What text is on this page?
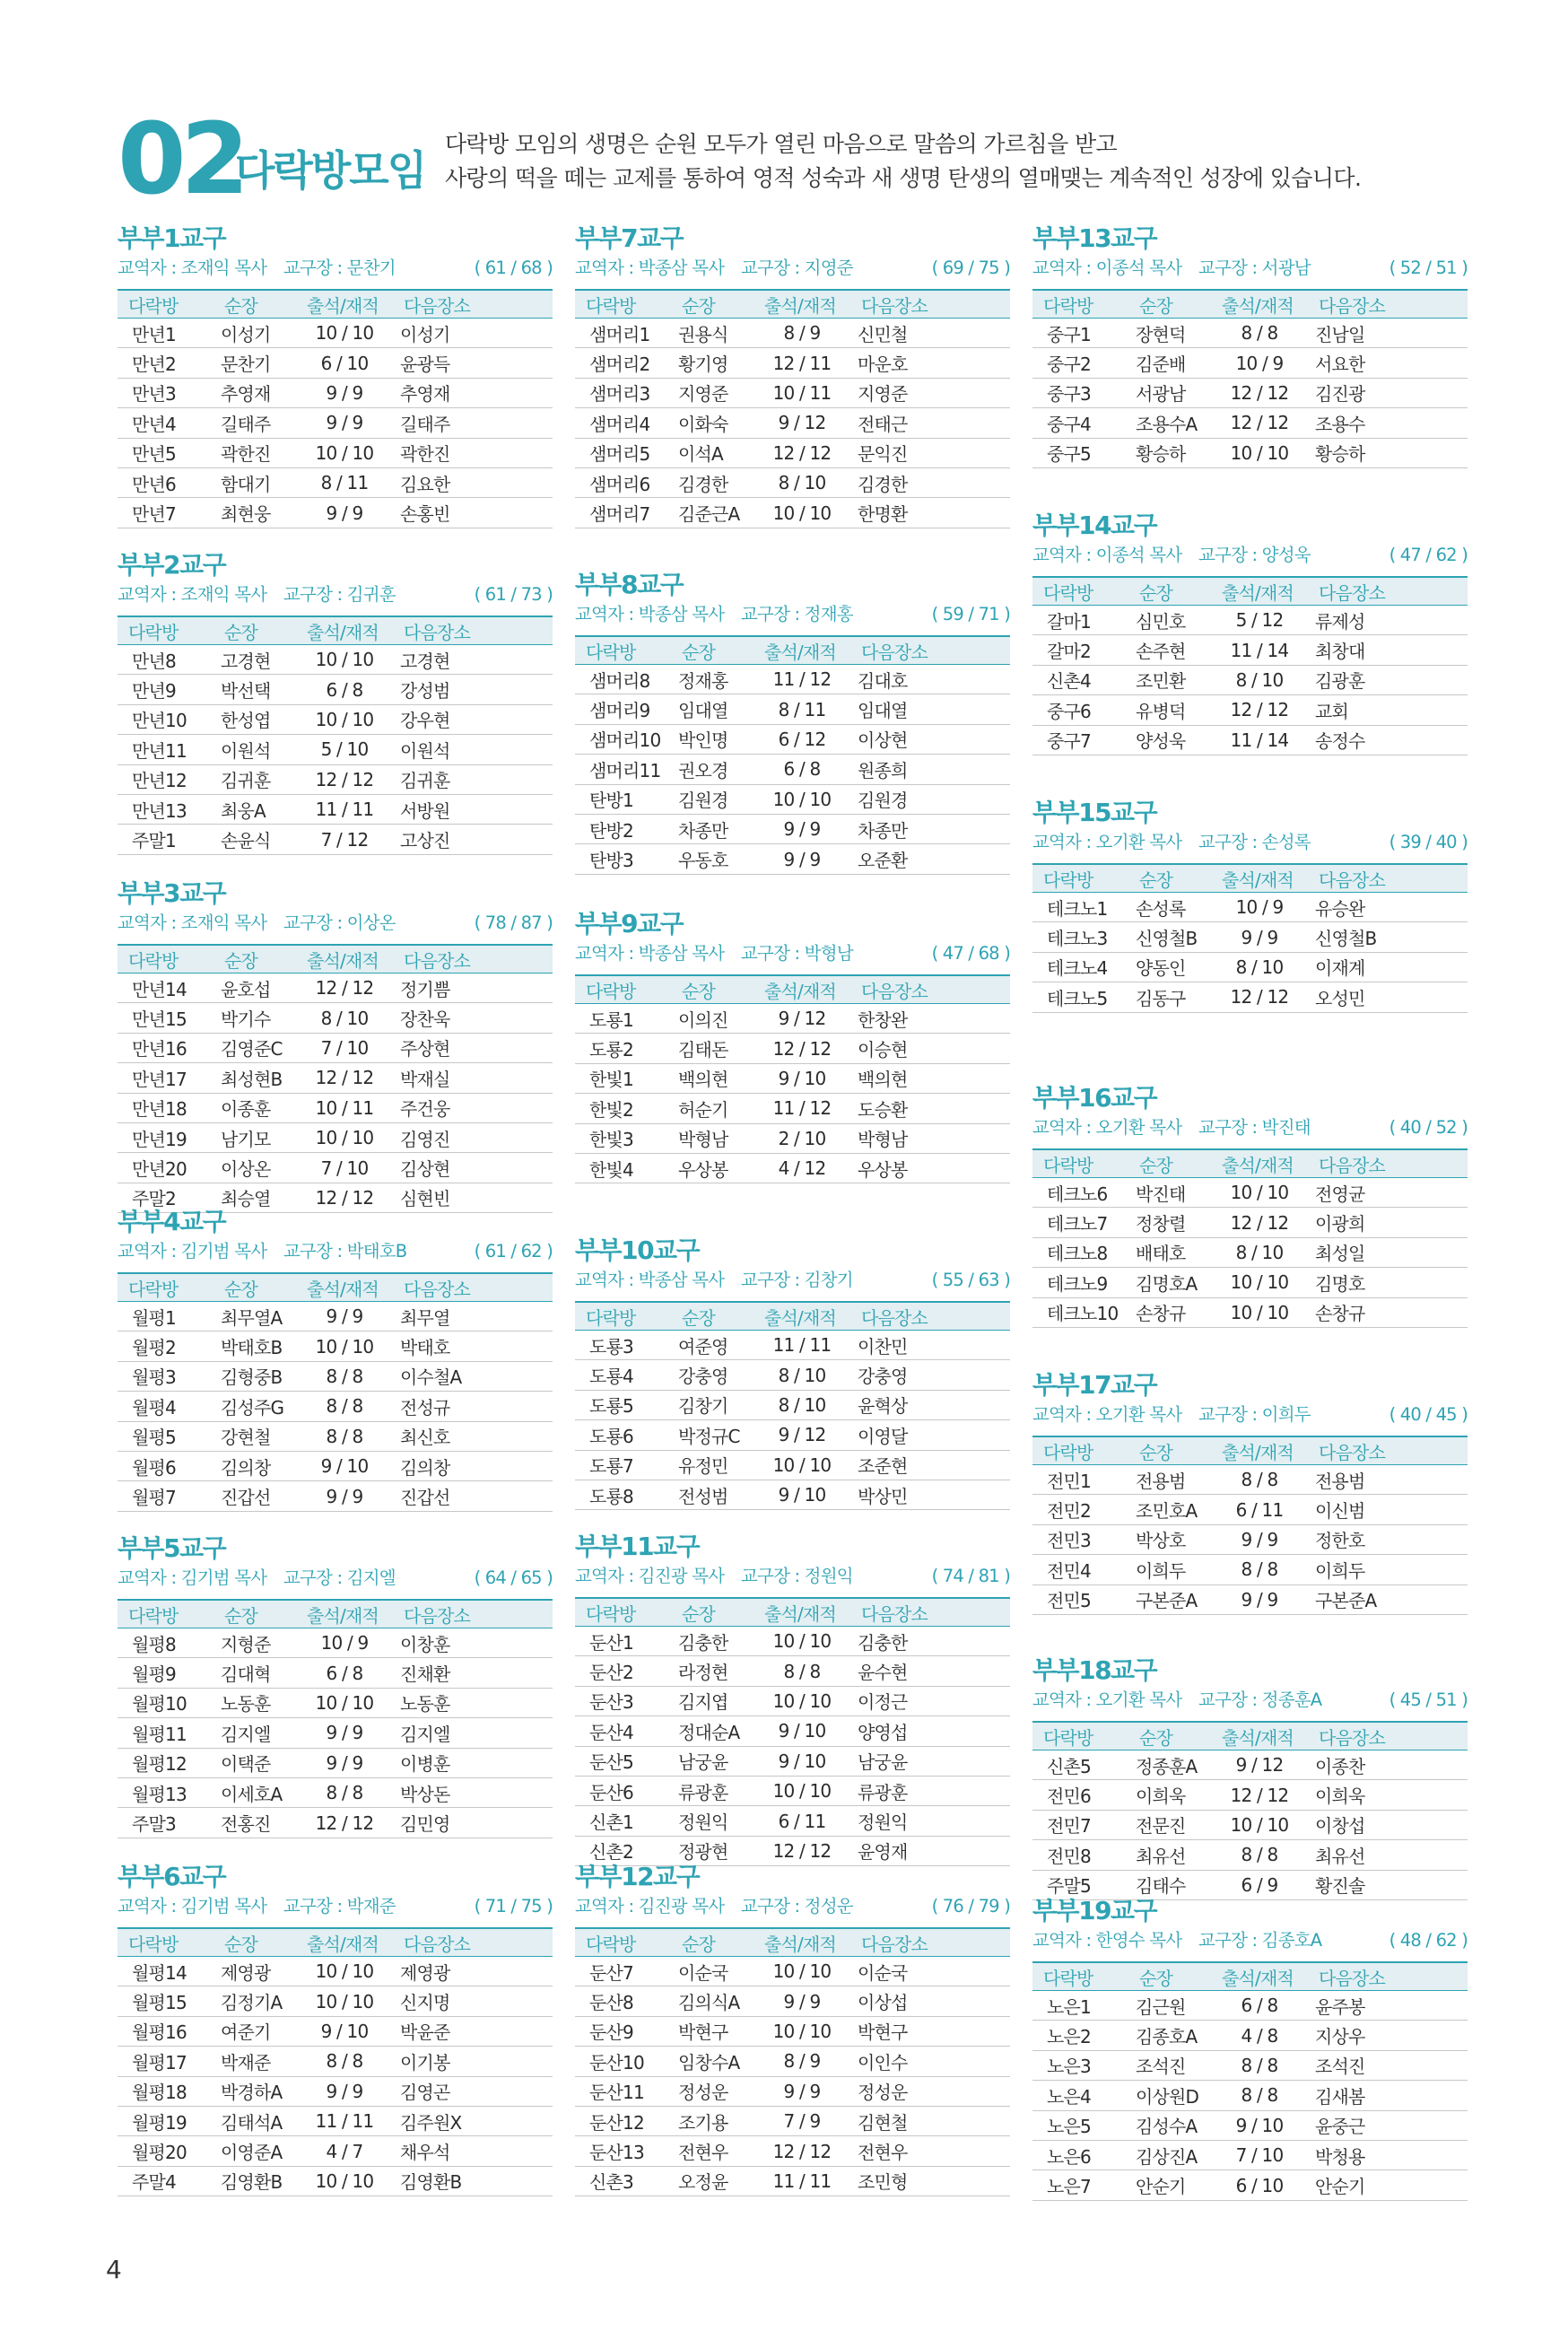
02
다락방모임
다락방 모임의 생명은 순원 모두가 열린 마음으로 말씀의 가르침을 받고
사랑의 떡을 떼는 교제를 통하여 영적 성숙과 새 생명 탄생의 열매맺는 계속적인 성장에 있습니다.
부부1교구
교역자 : 조재익 목사 교구장 : 문찬기	( 61 / 68 )
다락방	순장	출석/재적	다음장소
만년1	이성기	10 / 10	이성기
만년2	문찬기	6 / 10	윤광득
만년3	추영재	9 / 9	추영재
만년4	길태주	9 / 9	길태주
만년5	곽한진	10 / 10	곽한진
만년6	함대기	8 / 11	김요한
만년7	최현웅	9 / 9	손홍빈
부부2교구
교역자 : 조재익 목사 교구장 : 김귀훈	( 61 / 73 )
다락방	순장	출석/재적	다음장소
만년8	고경현	10 / 10	고경현
만년9	박선택	6 / 8	강성범
만년10	한성엽	10 / 10	강우현
만년11	이원석	5 / 10	이원석
만년12	김귀훈	12 / 12	김귀훈
만년13	최웅A	11 / 11	서방원
주말1	손윤식	7 / 12	고상진
부부3교구
교역자 : 조재익 목사 교구장 : 이상온	( 78 / 87 )
다락방	순장	출석/재적	다음장소
만년14	윤호섭	12 / 12	정기쁨
만년15	박기수	8 / 10	장찬욱
만년16	김영준C	7 / 10	주상현
만년17	최성현B	12 / 12	박재실
만년18	이종훈	10 / 11	주건웅
만년19	남기모	10 / 10	김영진
만년20	이상온	7 / 10	김상현
주말2	최승열	12 / 12	심현빈
부부4교구
교역자 : 김기범 목사 교구장 : 박태호B	( 61 / 62 )
다락방	순장	출석/재적	다음장소
월평1	최무열A	9 / 9	최무열
월평2	박태호B	10 / 10	박태호
월평3	김형중B	8 / 8	이수철A
월평4	김성주G	8 / 8	전성규
월평5	강현철	8 / 8	최신호
월평6	김의창	9 / 10	김의창
월평7	진갑선	9 / 9	진갑선
부부5교구
교역자 : 김기범 목사 교구장 : 김지엘	( 64 / 65 )
다락방	순장	출석/재적	다음장소
월평8	지형준	10 / 9	이창훈
월평9	김대혁	6 / 8	진채환
월평10	노동훈	10 / 10	노동훈
월평11	김지엘	9 / 9	김지엘
월평12	이택준	9 / 9	이병훈
월평13	이세호A	8 / 8	박상돈
주말3	전홍진	12 / 12	김민영
부부6교구
교역자 : 김기범 목사 교구장 : 박재준	( 71 / 75 )
다락방	순장	출석/재적	다음장소
월평14	제영광	10 / 10	제영광
월평15	김정기A	10 / 10	신지명
월평16	여준기	9 / 10	박윤준
월평17	박재준	8 / 8	이기봉
월평18	박경하A	9 / 9	김영곤
월평19	김태석A	11 / 11	김주원X
월평20	이영준A	4 / 7	채우석
주말4	김영환B	10 / 10	김영환B
부부7교구
교역자 : 박종삼 목사 교구장 : 지영준	( 69 / 75 )
다락방	순장	출석/재적	다음장소
샘머리1	권용식	8 / 9	신민철
샘머리2	황기영	12 / 11	마운호
샘머리3	지영준	10 / 11	지영준
샘머리4	이화숙	9 / 12	전태근
샘머리5	이석A	12 / 12	문익진
샘머리6	김경한	8 / 10	김경한
샘머리7	김준근A	10 / 10	한명환
부부8교구
교역자 : 박종삼 목사 교구장 : 정재홍	( 59 / 71 )
다락방	순장	출석/재적	다음장소
샘머리8	정재홍	11 / 12	김대호
샘머리9	임대열	8 / 11	임대열
샘머리10	박인명	6 / 12	이상현
샘머리11	권오경	6 / 8	원종희
탄방1	김원경	10 / 10	김원경
탄방2	차종만	9 / 9	차종만
탄방3	우동호	9 / 9	오준환
부부9교구
교역자 : 박종삼 목사 교구장 : 박형남	( 47 / 68 )
다락방	순장	출석/재적	다음장소
도룡1	이의진	9 / 12	한창완
도룡2	김태돈	12 / 12	이승현
한빛1	백의현	9 / 10	백의현
한빛2	허순기	11 / 12	도승환
한빛3	박형남	2 / 10	박형남
한빛4	우상봉	4 / 12	우상봉
부부10교구
교역자 : 박종삼 목사 교구장 : 김창기	( 55 / 63 )
다락방	순장	출석/재적	다음장소
도룡3	여준영	11 / 11	이찬민
도룡4	강충영	8 / 10	강충영
도룡5	김창기	8 / 10	윤혁상
도룡6	박정규C	9 / 12	이영달
도룡7	유정민	10 / 10	조준현
도룡8	전성범	9 / 10	박상민
부부11교구
교역자 : 김진광 목사 교구장 : 정원익	( 74 / 81 )
다락방	순장	출석/재적	다음장소
둔산1	김충한	10 / 10	김충한
둔산2	라정현	8 / 8	윤수현
둔산3	김지엽	10 / 10	이정근
둔산4	정대순A	9 / 10	양영섭
둔산5	남궁윤	9 / 10	남궁윤
둔산6	류광훈	10 / 10	류광훈
신촌1	정원익	6 / 11	정원익
신촌2	정광현	12 / 12	윤영재
부부12교구
교역자 : 김진광 목사 교구장 : 정성운	( 76 / 79 )
다락방	순장	출석/재적	다음장소
둔산7	이순국	10 / 10	이순국
둔산8	김의식A	9 / 9	이상섭
둔산9	박현구	10 / 10	박현구
둔산10	임창수A	8 / 9	이인수
둔산11	정성운	9 / 9	정성운
둔산12	조기용	7 / 9	김현철
둔산13	전현우	12 / 12	전현우
신촌3	오정윤	11 / 11	조민형
부부13교구
교역자 : 이종석 목사 교구장 : 서광남	( 52 / 51 )
다락방	순장	출석/재적	다음장소
중구1	장현덕	8 / 8	진남일
중구2	김준배	10 / 9	서요한
중구3	서광남	12 / 12	김진광
중구4	조용수A	12 / 12	조용수
중구5	황승하	10 / 10	황승하
부부14교구
교역자 : 이종석 목사 교구장 : 양성욱	( 47 / 62 )
다락방	순장	출석/재적	다음장소
갈마1	심민호	5 / 12	류제성
갈마2	손주현	11 / 14	최창대
신촌4	조민환	8 / 10	김광훈
중구6	유병덕	12 / 12	교회
중구7	양성욱	11 / 14	송정수
부부15교구
교역자 : 오기환 목사 교구장 : 손성록	( 39 / 40 )
다락방	순장	출석/재적	다음장소
테크노1	손성록	10 / 9	유승완
테크노3	신영철B	9 / 9	신영철B
테크노4	양동인	8 / 10	이재계
테크노5	김동구	12 / 12	오성민
부부16교구
교역자 : 오기환 목사 교구장 : 박진태	( 40 / 52 )
다락방	순장	출석/재적	다음장소
테크노6	박진태	10 / 10	전영균
테크노7	정창렬	12 / 12	이광희
테크노8	배태호	8 / 10	최성일
테크노9	김명호A	10 / 10	김명호
테크노10	손창규	10 / 10	손창규
부부17교구
교역자 : 오기환 목사 교구장 : 이희두	( 40 / 45 )
다락방	순장	출석/재적	다음장소
전민1	전용범	8 / 8	전용범
전민2	조민호A	6 / 11	이신범
전민3	박상호	9 / 9	정한호
전민4	이희두	8 / 8	이희두
전민5	구본준A	9 / 9	구본준A
부부18교구
교역자 : 오기환 목사 교구장 : 정종훈A	( 45 / 51 )
다락방	순장	출석/재적	다음장소
신촌5	정종훈A	9 / 12	이종찬
전민6	이희욱	12 / 12	이희욱
전민7	전문진	10 / 10	이창섭
전민8	최유선	8 / 8	최유선
주말5	김태수	6 / 9	황진솔
부부19교구
교역자 : 한영수 목사 교구장 : 김종호A	( 48 / 62 )
다락방	순장	출석/재적	다음장소
노은1	김근원	6 / 8	윤주봉
노은2	김종호A	4 / 8	지상우
노은3	조석진	8 / 8	조석진
노은4	이상원D	8 / 8	김새봄
노은5	김성수A	9 / 10	윤중근
노은6	김상진A	7 / 10	박청용
노은7	안순기	6 / 10	안순기
4
